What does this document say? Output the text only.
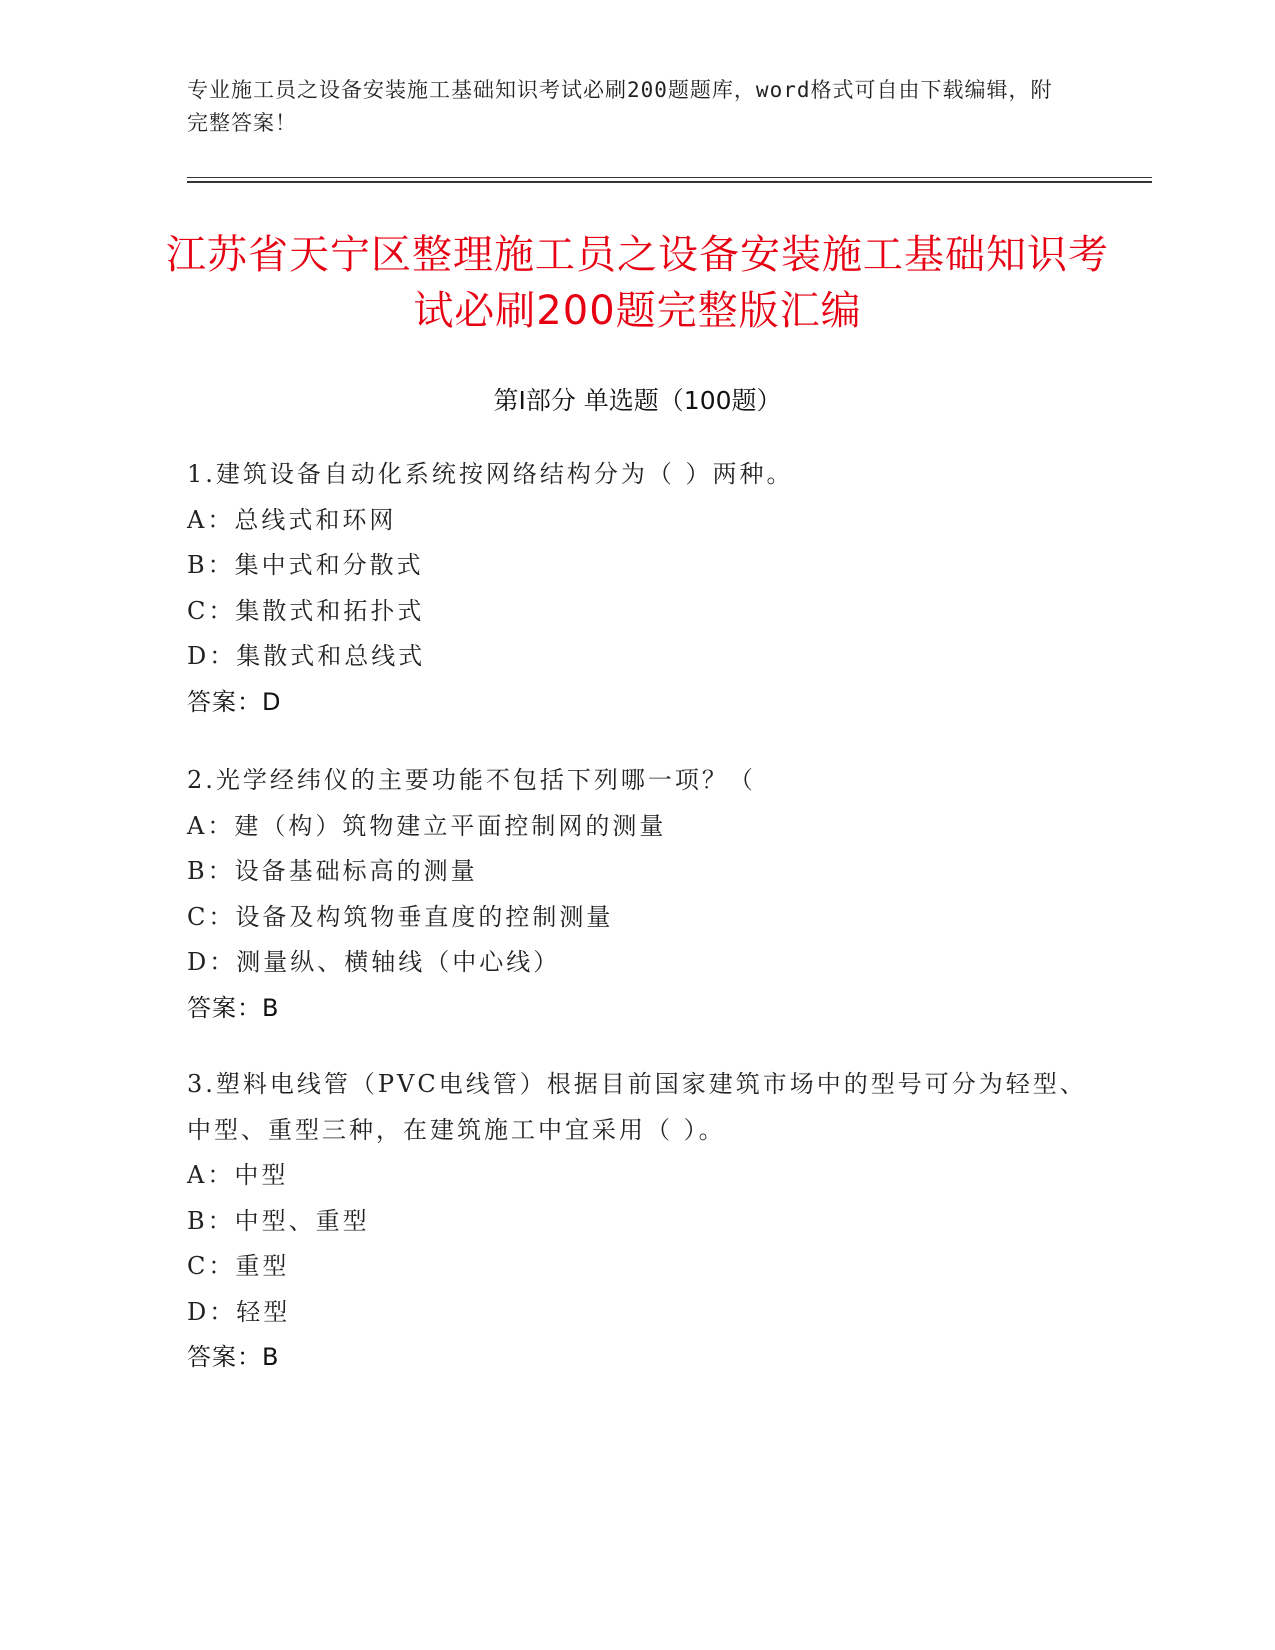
专业施工员之设备安装施工基础知识考试必刷200题题库，word格式可自由下载编辑，附完整答案！
江苏省天宁区整理施工员之设备安装施工基础知识考试必刷200题完整版汇编
第Ⅰ部分 单选题（100题）
1.建筑设备自动化系统按网络结构分为（ ）两种。
A：总线式和环网
B：集中式和分散式
C：集散式和拓扑式
D：集散式和总线式
答案：D
2.光学经纬仪的主要功能不包括下列哪一项？（
A：建（构）筑物建立平面控制网的测量
B：设备基础标高的测量
C：设备及构筑物垂直度的控制测量
D：测量纵、横轴线（中心线）
答案：B
3.塑料电线管（PVC电线管）根据目前国家建筑市场中的型号可分为轻型、中型、重型三种，在建筑施工中宜采用（ ）。
A：中型
B：中型、重型
C：重型
D：轻型
答案：B
